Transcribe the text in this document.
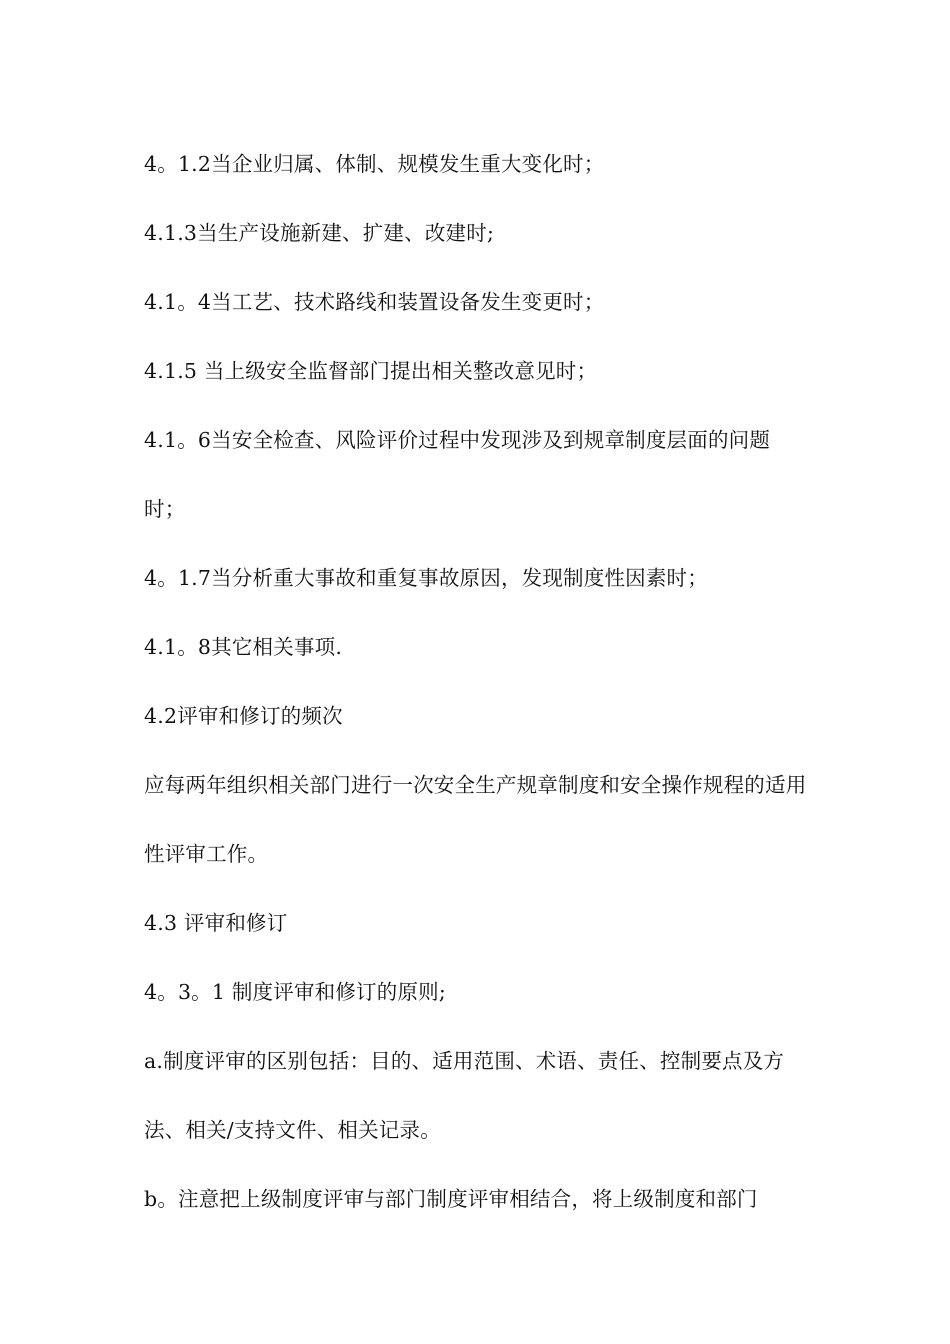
4。1.2当企业归属、体制、规模发生重大变化时；

4.1.3当生产设施新建、扩建、改建时;

4.1。4当工艺、技术路线和装置设备发生变更时；

4.1.5 当上级安全监督部门提出相关整改意见时；

4.1。6当安全检查、风险评价过程中发现涉及到规章制度层面的问题时；

4。1.7当分析重大事故和重复事故原因，发现制度性因素时；

4.1。8其它相关事项.

4.2评审和修订的频次

应每两年组织相关部门进行一次安全生产规章制度和安全操作规程的适用性评审工作。

4.3 评审和修订

4。3。1 制度评审和修订的原则;

a.制度评审的区别包括：目的、适用范围、术语、责任、控制要点及方法、相关/支持文件、相关记录。

b。注意把上级制度评审与部门制度评审相结合，将上级制度和部门
